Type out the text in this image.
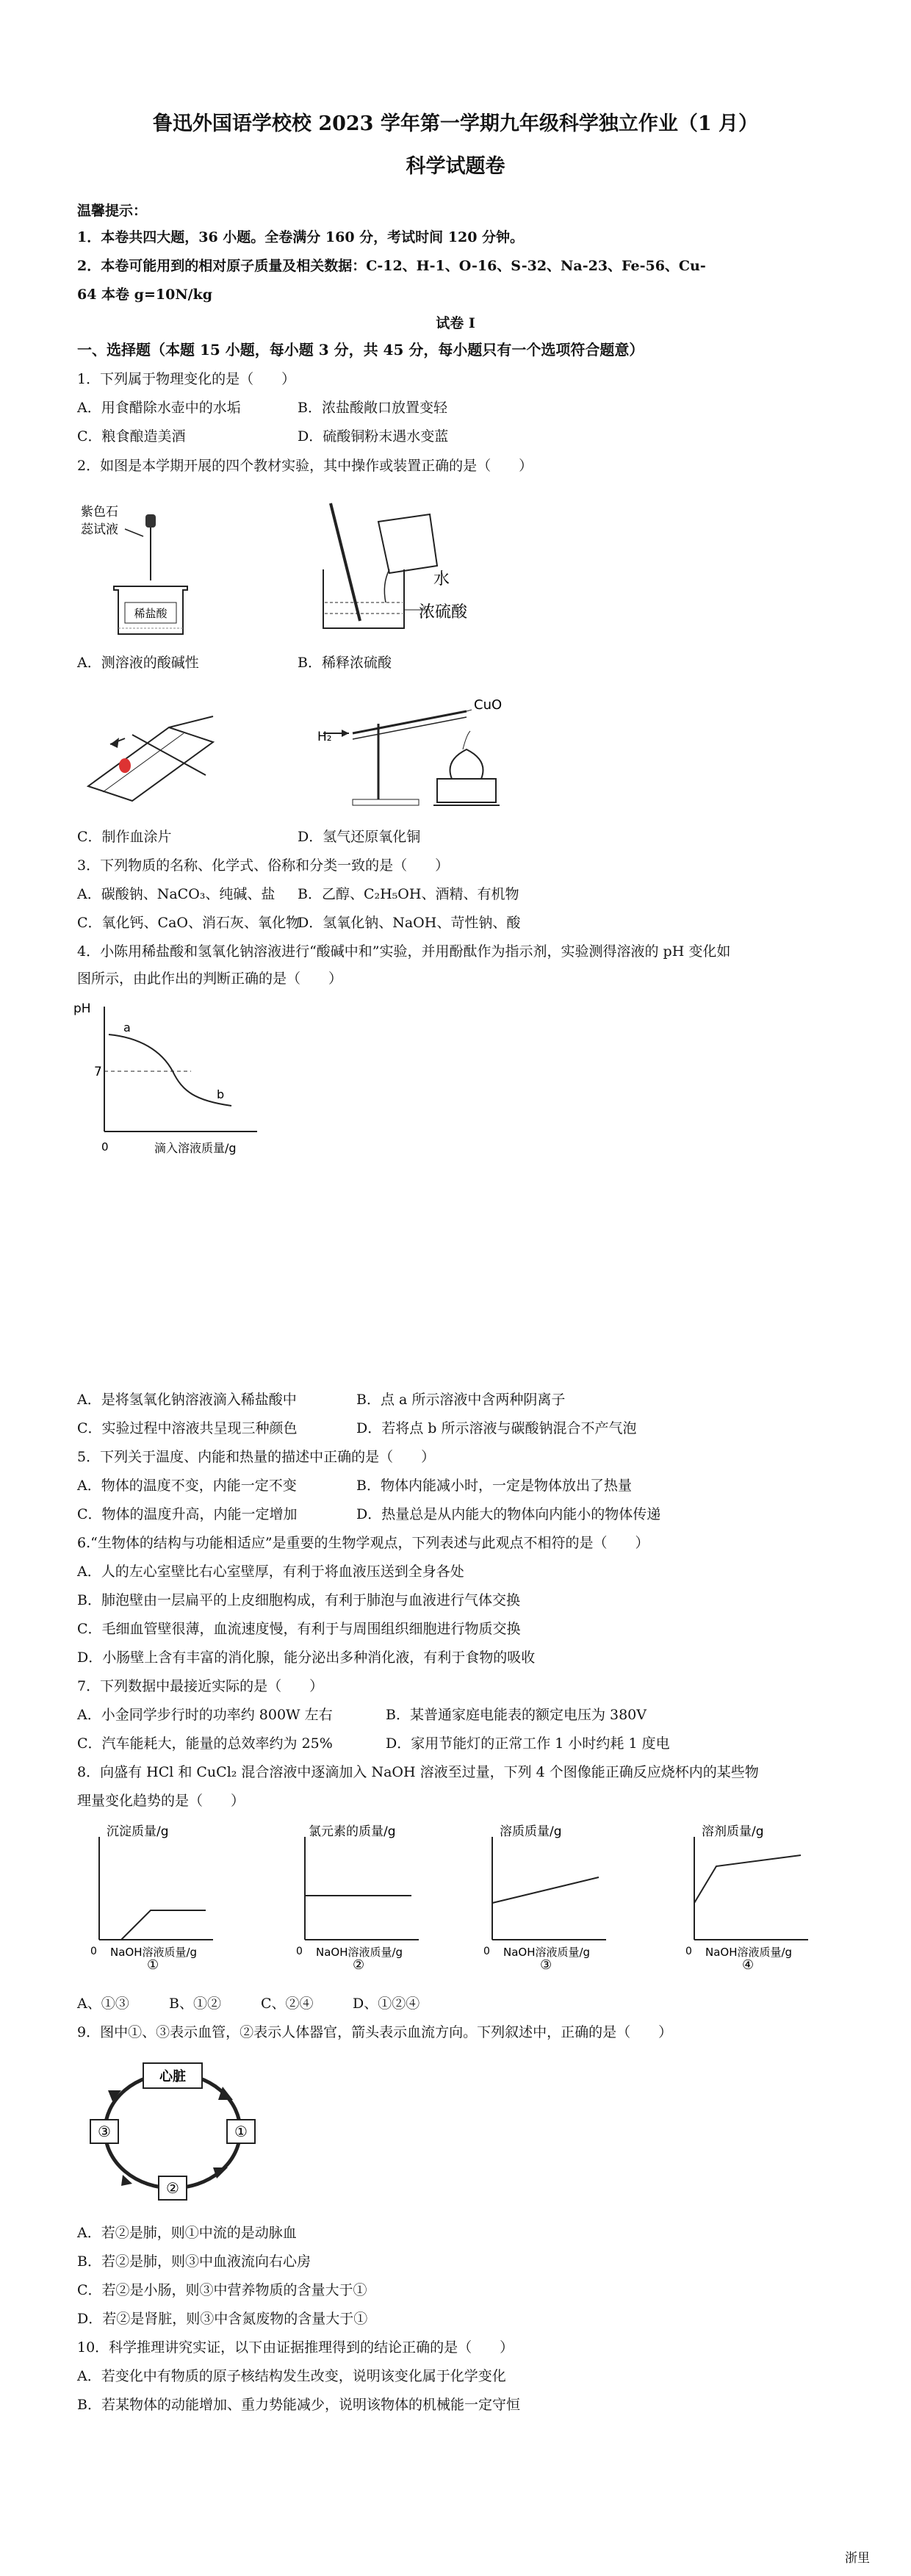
鲁迅外国语学校校 2023 学年第一学期九年级科学独立作业（1 月）
科学试题卷
温馨提示：
1．本卷共四大题，36 小题。全卷满分 160 分，考试时间 120 分钟。
2．本卷可能用到的相对原子质量及相关数据：C-12、H-1、O-16、S-32、Na-23、Fe-56、Cu-
64 本卷 g=10N/kg
试卷 I
一、选择题（本题 15 小题，每小题 3 分，共 45 分，每小题只有一个选项符合题意）
1．下列属于物理变化的是（　　）
A．用食醋除水壶中的水垢	B．浓盐酸敞口放置变轻
C．粮食酿造美酒	D．硫酸铜粉末遇水变蓝
2．如图是本学期开展的四个教材实验，其中操作或装置正确的是（　　）
紫色石
蕊试液
稀盐酸
水
浓硫酸
A．测溶液的酸碱性	B．稀释浓硫酸
CuO
H₂
C．制作血涂片	D．氢气还原氧化铜
3．下列物质的名称、化学式、俗称和分类一致的是（　　）
A．碳酸钠、NaCO₃、纯碱、盐 B．乙醇、C₂H₅OH、酒精、有机物
C．氧化钙、CaO、消石灰、氧化物
D．氢氧化钠、NaOH、苛性钠、酸
4．小陈用稀盐酸和氢氧化钠溶液进行“酸碱中和”实验，并用酚酞作为指示剂，实验测得溶液的 pH 变化如
图所示，由此作出的判断正确的是（　　）
pH
7
0	滴入溶液质量/g
a
b
A．是将氢氧化钠溶液滴入稀盐酸中	B．点 a 所示溶液中含两种阴离子
C．实验过程中溶液共呈现三种颜色	D．若将点 b 所示溶液与碳酸钠混合不产气泡
5．下列关于温度、内能和热量的描述中正确的是（　　）
A．物体的温度不变，内能一定不变	B．物体内能减小时，一定是物体放出了热量
C．物体的温度升高，内能一定增加	D．热量总是从内能大的物体向内能小的物体传递
6.“生物体的结构与功能相适应”是重要的生物学观点，下列表述与此观点不相符的是（　　）
A．人的左心室壁比右心室壁厚，有利于将血液压送到全身各处
B．肺泡壁由一层扁平的上皮细胞构成，有利于肺泡与血液进行气体交换
C．毛细血管壁很薄，血流速度慢，有利于与周围组织细胞进行物质交换
D．小肠壁上含有丰富的消化腺，能分泌出多种消化液，有利于食物的吸收
7．下列数据中最接近实际的是（　　）
A．小金同学步行时的功率约 800W 左右	B．某普通家庭电能表的额定电压为 380V
C．汽车能耗大，能量的总效率约为 25%	D．家用节能灯的正常工作 1 小时约耗 1 度电
8．向盛有 HCl 和 CuCl₂ 混合溶液中逐滴加入 NaOH 溶液至过量，下列 4 个图像能正确反应烧杯内的某些物
理量变化趋势的是（　　）
沉淀质量/g
0 NaOH溶液质量/g
①
氯元素的质量/g
0 NaOH溶液质量/g
②
溶质质量/g
0 NaOH溶液质量/g
③
溶剂质量/g
0 NaOH溶液质量/g
④
A、①③	B、①②	C、②④	D、①②④
9．图中①、③表示血管，②表示人体器官，箭头表示血流方向。下列叙述中，正确的是（　　）
心脏
③	①
②
A．若②是肺，则①中流的是动脉血
B．若②是肺，则③中血液流向右心房
C．若②是小肠，则③中营养物质的含量大于①
D．若②是肾脏，则③中含氮废物的含量大于①
10．科学推理讲究实证，以下由证据推理得到的结论正确的是（　　）
A．若变化中有物质的原子核结构发生改变，说明该变化属于化学变化
B．若某物体的动能增加、重力势能减少，说明该物体的机械能一定守恒
浙里
